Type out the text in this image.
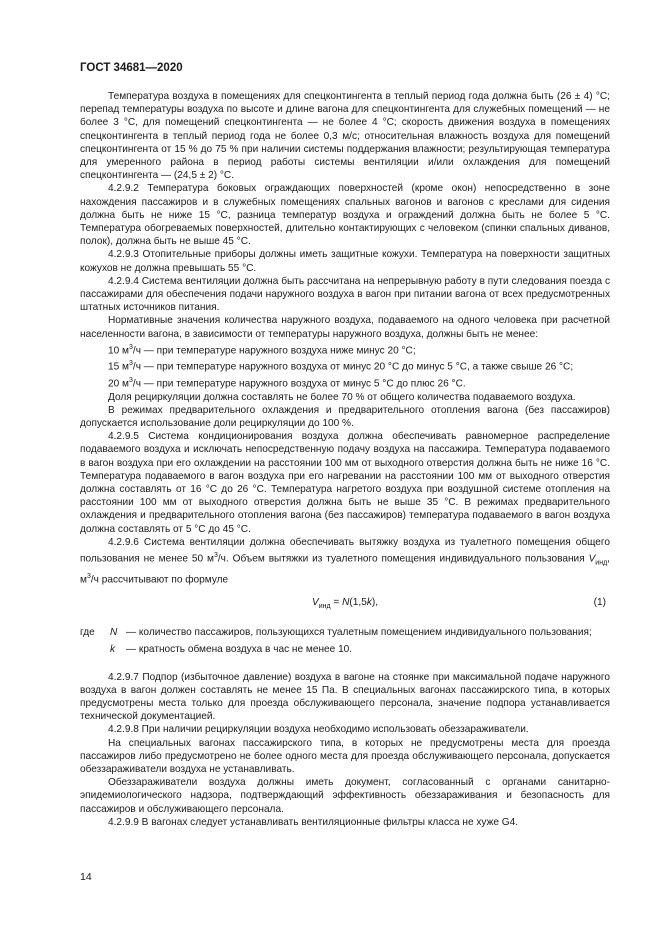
ГОСТ 34681—2020

Температура воздуха в помещениях для спецконтингента в теплый период года должна быть (26 ± 4) °С; перепад температуры воздуха по высоте и длине вагона для спецконтингента для служебных помещений — не более 3 °С, для помещений спецконтингента — не более 4 °С; скорость движения воздуха в помещениях спецконтингента в теплый период года не более 0,3 м/с; относительная влажность воздуха для помещений спецконтингента от 15 % до 75 % при наличии системы поддержания влажности; результирующая температура для умеренного района в период работы системы вентиляции и/или охлаждения для помещений спецконтингента — (24,5 ± 2) °С.

4.2.9.2 Температура боковых ограждающих поверхностей (кроме окон) непосредственно в зоне нахождения пассажиров и в служебных помещениях спальных вагонов и вагонов с креслами для сидения должна быть не ниже 15 °С, разница температур воздуха и ограждений должна быть не более 5 °С. Температура обогреваемых поверхностей, длительно контактирующих с человеком (спинки спальных диванов, полок), должна быть не выше 45 °С.

4.2.9.3 Отопительные приборы должны иметь защитные кожухи. Температура на поверхности защитных кожухов не должна превышать 55 °С.

4.2.9.4 Система вентиляции должна быть рассчитана на непрерывную работу в пути следования поезда с пассажирами для обеспечения подачи наружного воздуха в вагон при питании вагона от всех предусмотренных штатных источников питания.

Нормативные значения количества наружного воздуха, подаваемого на одного человека при расчетной населенности вагона, в зависимости от температуры наружного воздуха, должны быть не менее:

10 $м^3/ч$ — при температуре наружного воздуха ниже минус 20 °С;

15 $м^3/ч$ — при температуре наружного воздуха от минус 20 °С до минус 5 °С, а также свыше 26 °С;

20 $м^3/ч$ — при температуре наружного воздуха от минус 5 °С до плюс 26 °С.

Доля рециркуляции должна составлять не более 70 % от общего количества подаваемого воздуха.

В режимах предварительного охлаждения и предварительного отопления вагона (без пассажиров) допускается использование доли рециркуляции до 100 %.

4.2.9.5 Система кондиционирования воздуха должна обеспечивать равномерное распределение подаваемого воздуха и исключать непосредственную подачу воздуха на пассажира. Температура подаваемого в вагон воздуха при его охлаждении на расстоянии 100 мм от выходного отверстия должна быть не ниже 16 °С. Температура подаваемого в вагон воздуха при его нагревании на расстоянии 100 мм от выходного отверстия должна составлять от 16 °С до 26 °С. Температура нагретого воздуха при воздушной системе отопления на расстоянии 100 мм от выходного отверстия должна быть не выше 35 °С. В режимах предварительного охлаждения и предварительного отопления вагона (без пассажиров) температура подаваемого в вагон воздуха должна составлять от 5 °С до 45 °С.

4.2.9.6 Система вентиляции должна обеспечивать вытяжку воздуха из туалетного помещения общего пользования не менее 50 $м^3/ч$. Объем вытяжки из туалетного помещения индивидуального пользования $V_{инд}$, $м^3/ч$ рассчитывают по формуле

$V_{инд} = N(1,5k)$,	(1)
где	N — количество пассажиров, пользующихся туалетным помещением индивидуального пользования;
k	— кратность обмена воздуха в час не менее 10.

4.2.9.7 Подпор (избыточное давление) воздуха в вагоне на стоянке при максимальной подаче наружного воздуха в вагон должен составлять не менее 15 Па. В специальных вагонах пассажирского типа, в которых предусмотрены места только для проезда обслуживающего персонала, значение подпора устанавливается технической документацией.

4.2.9.8 При наличии рециркуляции воздуха необходимо использовать обеззараживатели.

На специальных вагонах пассажирского типа, в которых не предусмотрены места для проезда пассажиров либо предусмотрено не более одного места для проезда обслуживающего персонала, допускается обеззараживатели воздуха не устанавливать.

Обеззараживатели воздуха должны иметь документ, согласованный с органами санитарно-эпидемиологического надзора, подтверждающий эффективность обеззараживания и безопасность для пассажиров и обслуживающего персонала.

4.2.9.9 В вагонах следует устанавливать вентиляционные фильтры класса не хуже G4.

14
